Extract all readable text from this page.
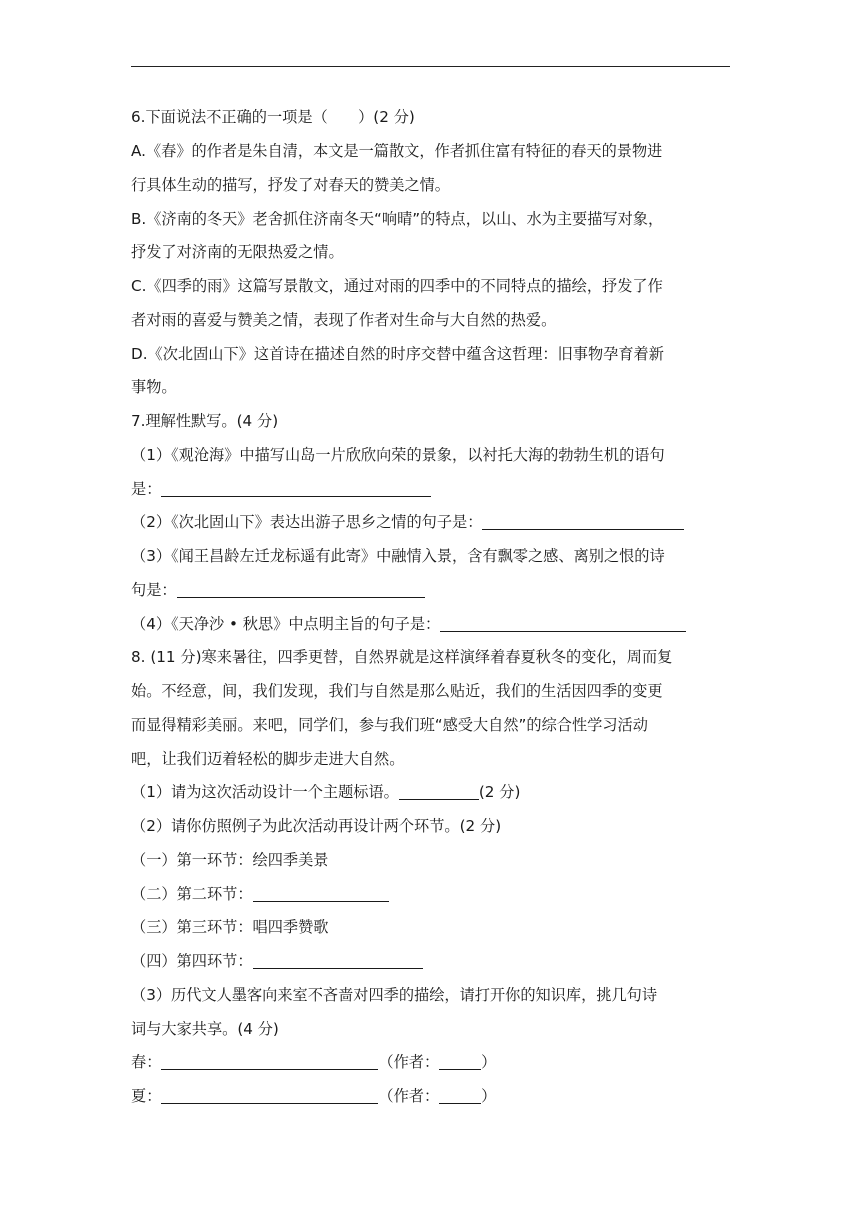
6.下面说法不正确的一项是（　　）(2 分)
A.《春》的作者是朱自清，本文是一篇散文，作者抓住富有特征的春天的景物进
行具体生动的描写，抒发了对春天的赞美之情。
B.《济南的冬天》老舍抓住济南冬天“响晴”的特点，以山、水为主要描写对象，
抒发了对济南的无限热爱之情。
C.《四季的雨》这篇写景散文，通过对雨的四季中的不同特点的描绘，抒发了作
者对雨的喜爱与赞美之情，表现了作者对生命与大自然的热爱。
D.《次北固山下》这首诗在描述自然的时序交替中蕴含这哲理：旧事物孕育着新
事物。
7.理解性默写。(4 分)
（1）《观沧海》中描写山岛一片欣欣向荣的景象，以衬托大海的勃勃生机的语句
是：
（2）《次北固山下》表达出游子思乡之情的句子是：
（3）《闻王昌龄左迁龙标遥有此寄》中融情入景，含有飘零之感、离别之恨的诗
句是：
（4）《天净沙 • 秋思》中点明主旨的句子是：
8. (11 分)寒来暑往，四季更替，自然界就是这样演绎着春夏秋冬的变化，周而复
始。不经意，间，我们发现，我们与自然是那么贴近，我们的生活因四季的变更
而显得精彩美丽。来吧，同学们，参与我们班“感受大自然”的综合性学习活动
吧，让我们迈着轻松的脚步走进大自然。
（1）请为这次活动设计一个主题标语。	(2 分)
（2）请你仿照例子为此次活动再设计两个环节。(2 分)
（一）第一环节：绘四季美景
（二）第二环节：
（三）第三环节：唱四季赞歌
（四）第四环节：
（3）历代文人墨客向来室不吝啬对四季的描绘，请打开你的知识库，挑几句诗
词与大家共享。(4 分)
春：	（作者：	）
夏：	（作者：	）
